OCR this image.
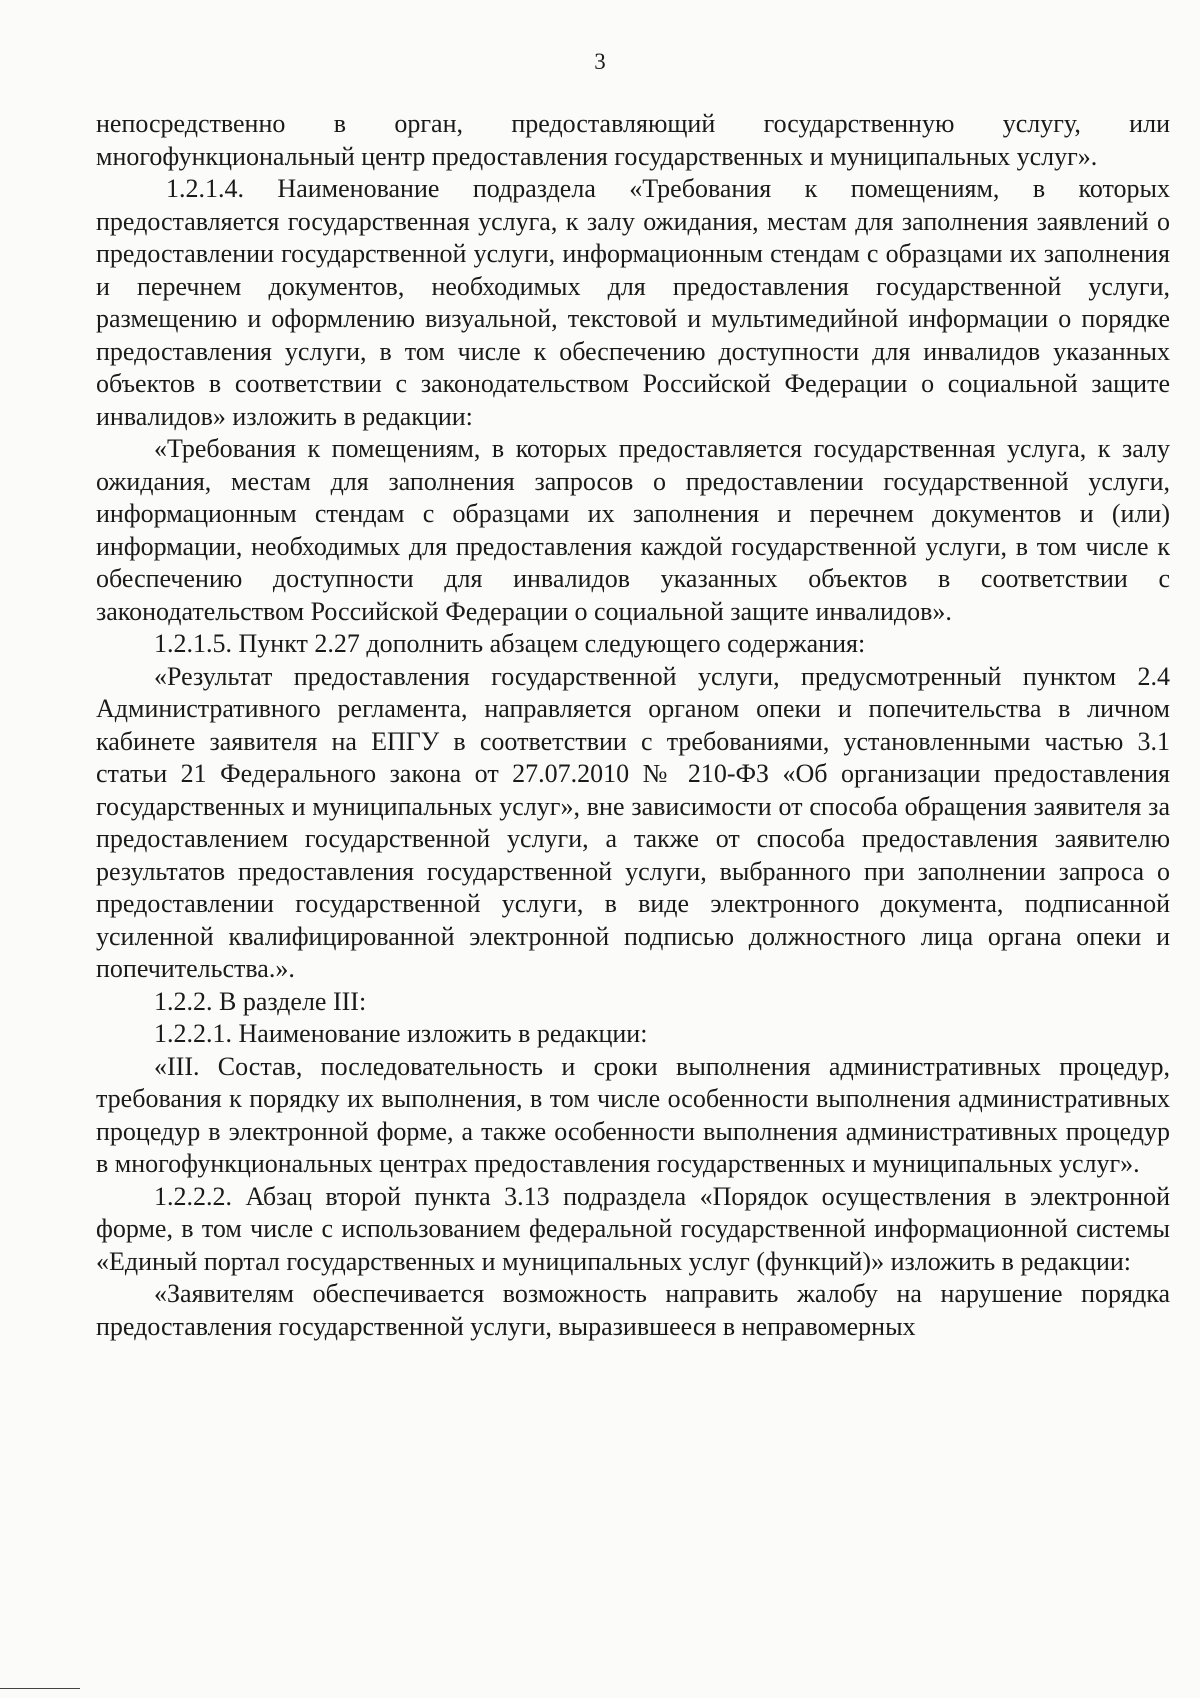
3

непосредственно в орган, предоставляющий государственную услугу, или многофункциональный центр предоставления государственных и муниципальных услуг».

1.2.1.4. Наименование подраздела «Требования к помещениям, в которых предоставляется государственная услуга, к залу ожидания, местам для заполнения заявлений о предоставлении государственной услуги, информационным стендам с образцами их заполнения и перечнем документов, необходимых для предоставления государственной услуги, размещению и оформлению визуальной, текстовой и мультимедийной информации о порядке предоставления услуги, в том числе к обеспечению доступности для инвалидов указанных объектов в соответствии с законодательством Российской Федерации о социальной защите инвалидов» изложить в редакции:

«Требования к помещениям, в которых предоставляется государственная услуга, к залу ожидания, местам для заполнения запросов о предоставлении государственной услуги, информационным стендам с образцами их заполнения и перечнем документов и (или) информации, необходимых для предоставления каждой государственной услуги, в том числе к обеспечению доступности для инвалидов указанных объектов в соответствии с законодательством Российской Федерации о социальной защите инвалидов».

1.2.1.5. Пункт 2.27 дополнить абзацем следующего содержания:

«Результат предоставления государственной услуги, предусмотренный пунктом 2.4 Административного регламента, направляется органом опеки и попечительства в личном кабинете заявителя на ЕПГУ в соответствии с требованиями, установленными частью 3.1 статьи 21 Федерального закона от 27.07.2010 № 210-ФЗ «Об организации предоставления государственных и муниципальных услуг», вне зависимости от способа обращения заявителя за предоставлением государственной услуги, а также от способа предоставления заявителю результатов предоставления государственной услуги, выбранного при заполнении запроса о предоставлении государственной услуги, в виде электронного документа, подписанной усиленной квалифицированной электронной подписью должностного лица органа опеки и попечительства.».

1.2.2. В разделе III:

1.2.2.1. Наименование изложить в редакции:

«III. Состав, последовательность и сроки выполнения административных процедур, требования к порядку их выполнения, в том числе особенности выполнения административных процедур в электронной форме, а также особенности выполнения административных процедур в многофункциональных центрах предоставления государственных и муниципальных услуг».

1.2.2.2. Абзац второй пункта 3.13 подраздела «Порядок осуществления в электронной форме, в том числе с использованием федеральной государственной информационной системы «Единый портал государственных и муниципальных услуг (функций)» изложить в редакции:

«Заявителям обеспечивается возможность направить жалобу на нарушение порядка предоставления государственной услуги, выразившееся в неправомерных
